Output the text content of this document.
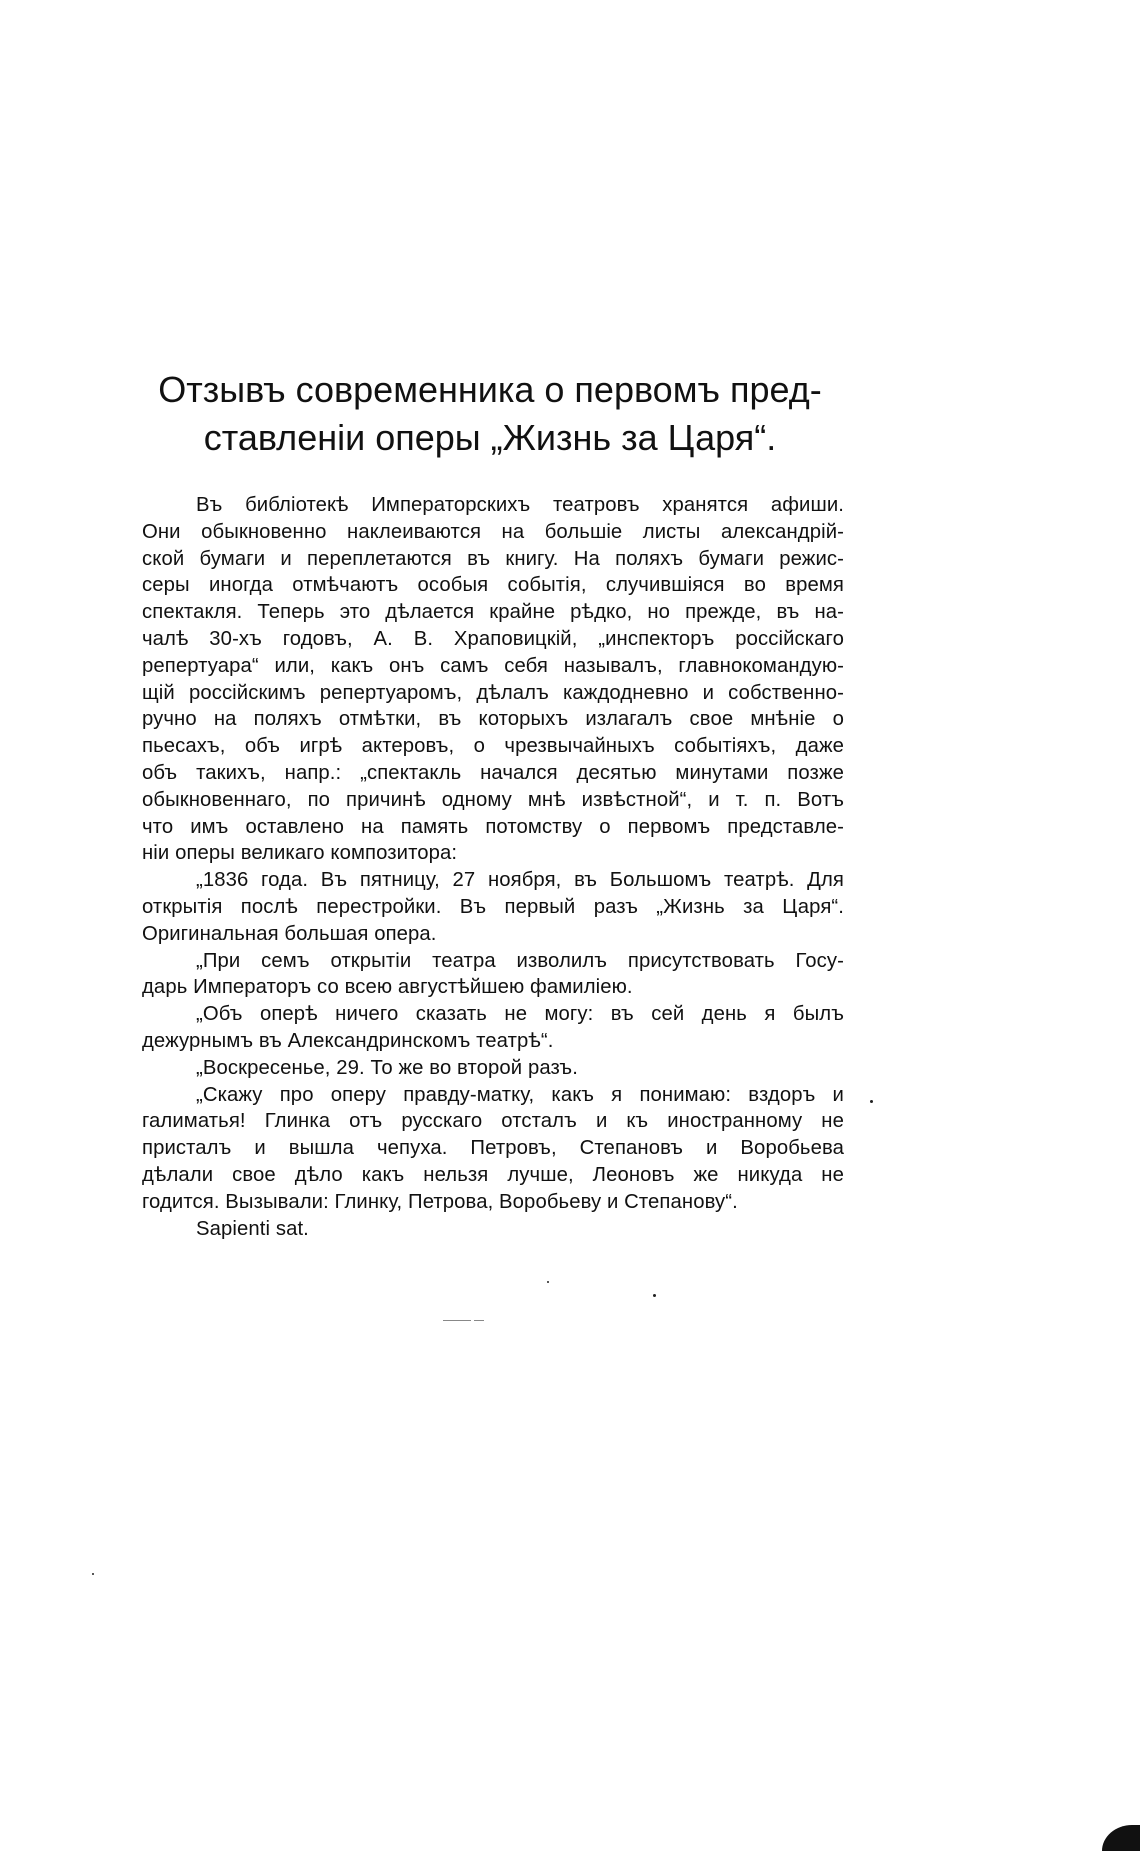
Отзывъ современника о первомъ пред-
ставленіи оперы „Жизнь за Царя“.
Въ библіотекѣ Императорскихъ театровъ хранятся афиши.
Они обыкновенно наклеиваются на большіе листы александрій-
ской бумаги и переплетаются въ книгу. На поляхъ бумаги режис-
серы иногда отмѣчаютъ особыя событія, случившіяся во время
спектакля. Теперь это дѣлается крайне рѣдко, но прежде, въ на-
чалѣ 30-хъ годовъ, А. В. Храповицкій, „инспекторъ россійскаго
репертуара“ или, какъ онъ самъ себя называлъ, главнокомандую-
щій россійскимъ репертуаромъ, дѣлалъ каждодневно и собственно-
ручно на поляхъ отмѣтки, въ которыхъ излагалъ свое мнѣніе о
пьесахъ, объ игрѣ актеровъ, о чрезвычайныхъ событіяхъ, даже
объ такихъ, напр.: „спектакль начался десятью минутами позже
обыкновеннаго, по причинѣ одному мнѣ извѣстной“, и т. п. Вотъ
что имъ оставлено на память потомству о первомъ представле-
ніи оперы великаго композитора:
„1836 года. Въ пятницу, 27 ноября, въ Большомъ театрѣ. Для
открытія послѣ перестройки. Въ первый разъ „Жизнь за Царя“.
Оригинальная большая опера.
„При семъ открытіи театра изволилъ присутствовать Госу-
дарь Императоръ со всею августѣйшею фамиліею.
„Объ оперѣ ничего сказать не могу: въ сей день я былъ
дежурнымъ въ Александринскомъ театрѣ“.
„Воскресенье, 29. То же во второй разъ.
„Скажу про оперу правду-матку, какъ я понимаю: вздоръ и
галиматья! Глинка отъ русскаго отсталъ и къ иностранному не
присталъ и вышла чепуха. Петровъ, Степановъ и Воробьева
дѣлали свое дѣло какъ нельзя лучше, Леоновъ же никуда не
годится. Вызывали: Глинку, Петрова, Воробьеву и Степанову“.
Sapienti sat.
